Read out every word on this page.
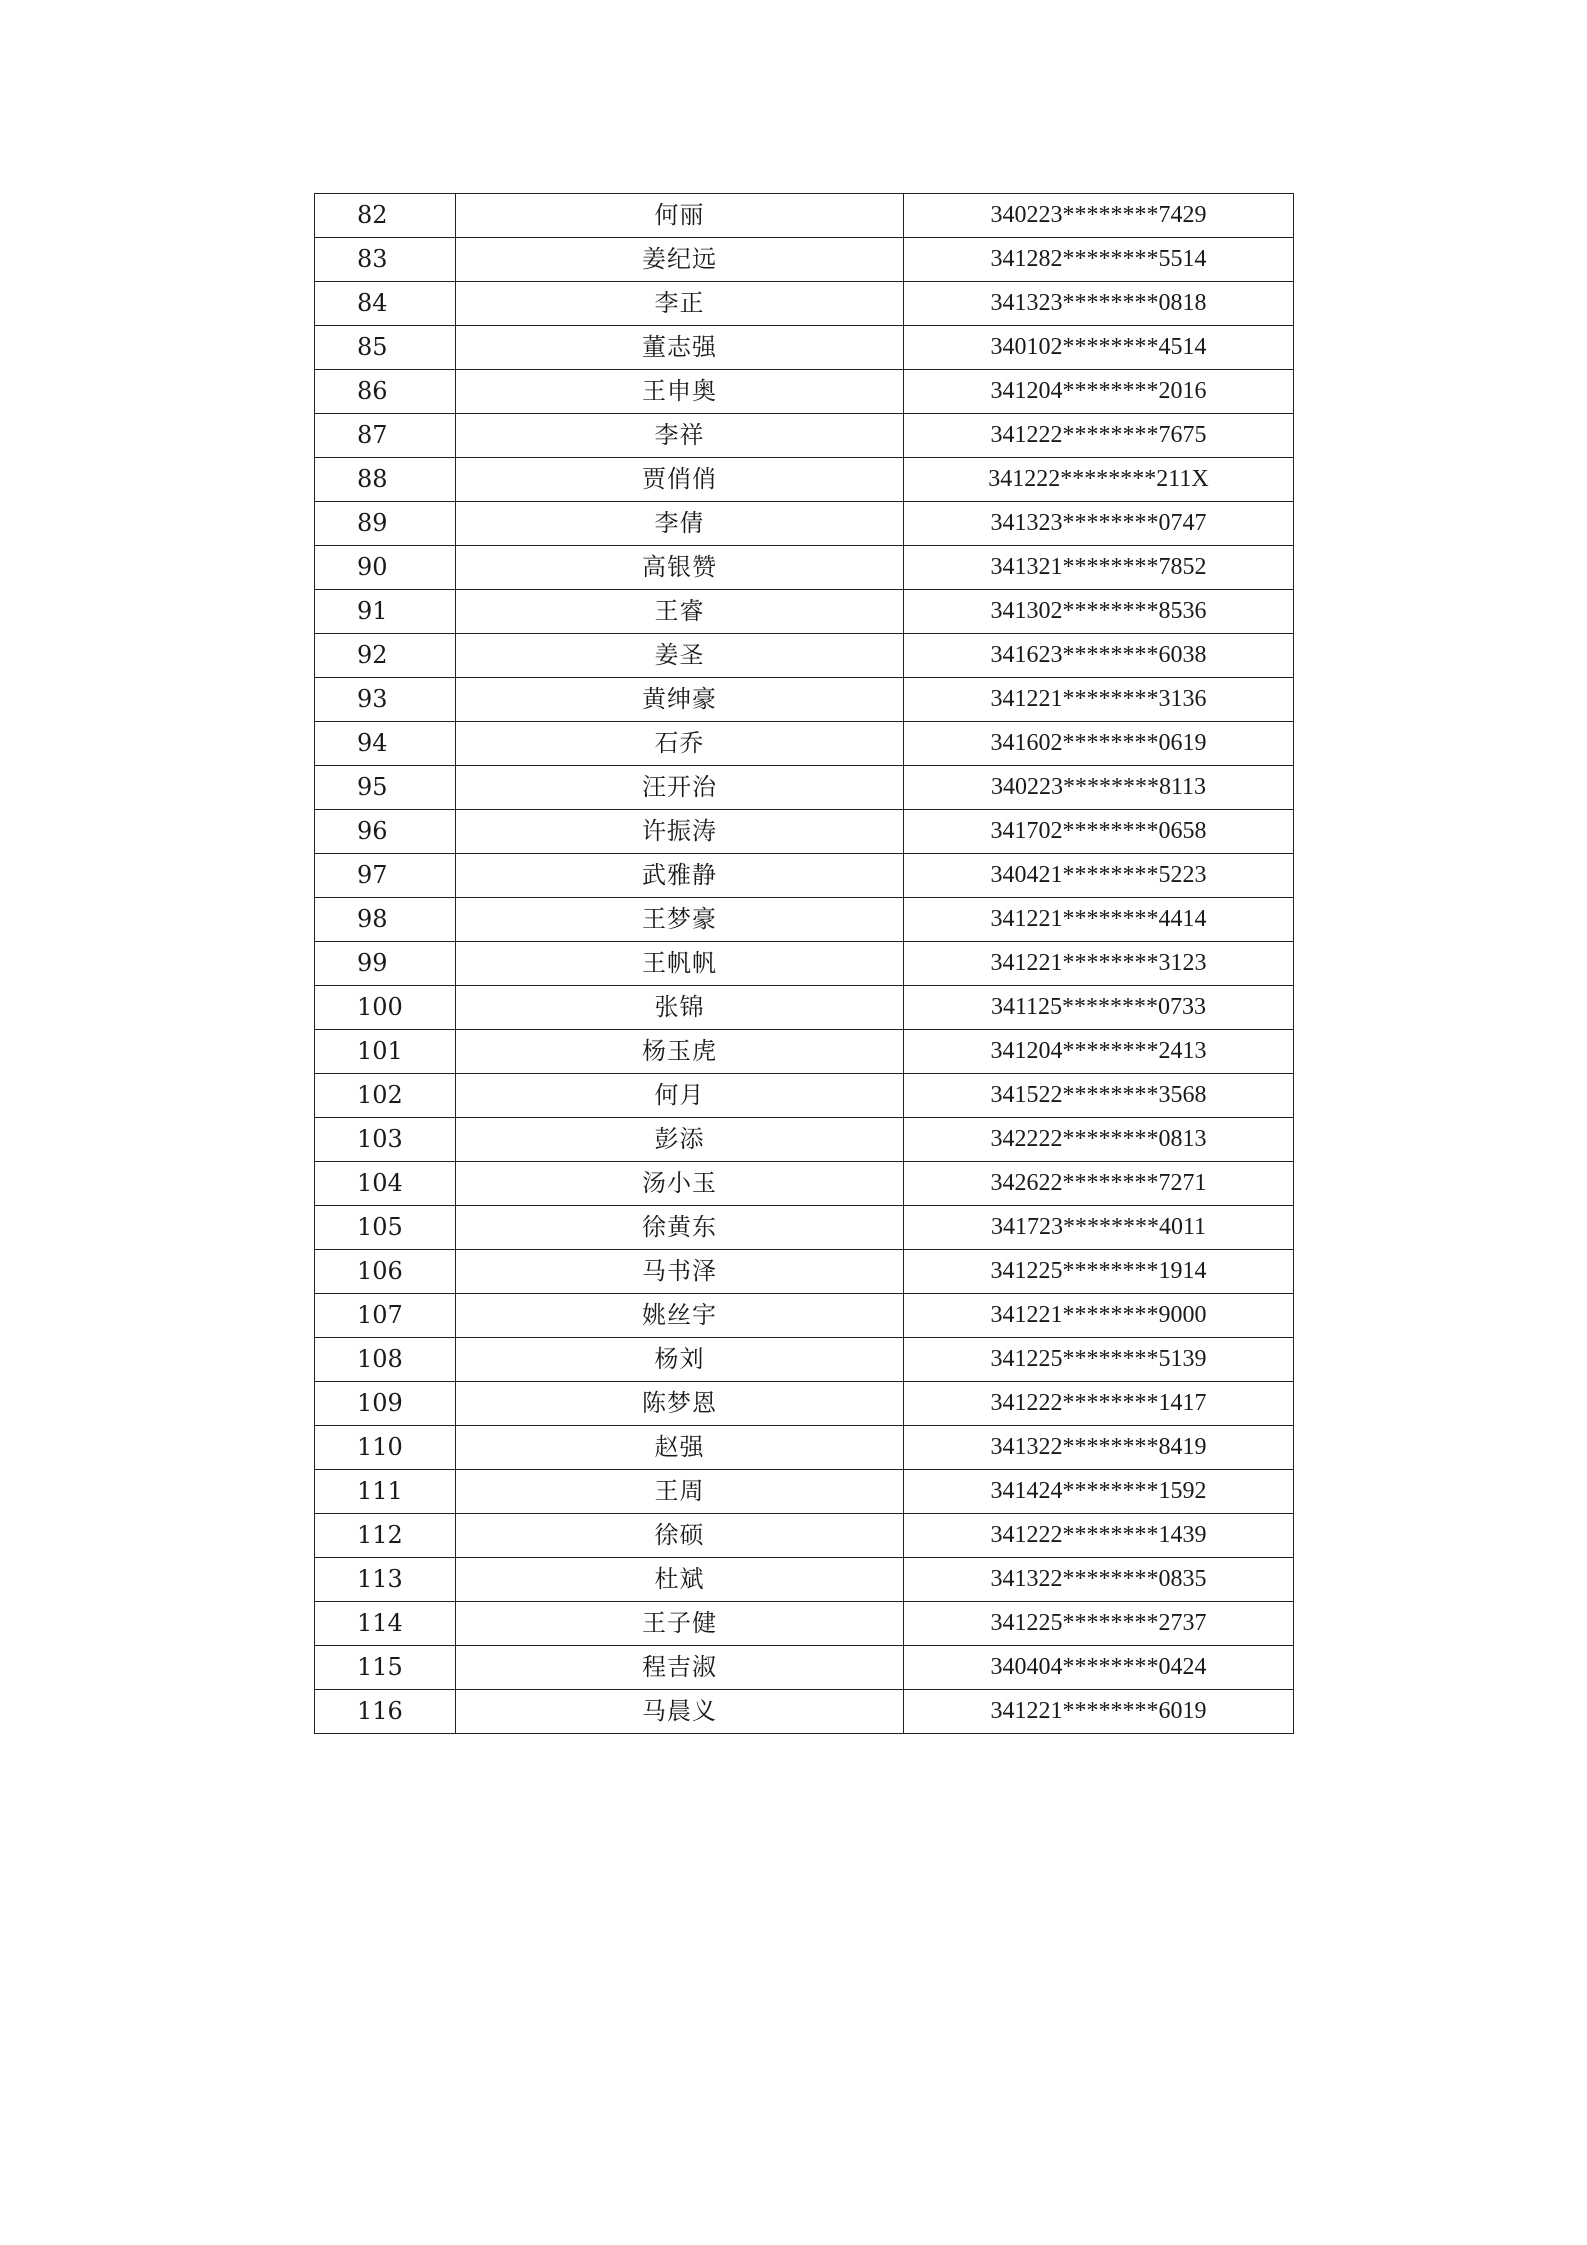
82	何丽	340223********7429
83	姜纪远	341282********5514
84	李正	341323********0818
85	董志强	340102********4514
86	王申奥	341204********2016
87	李祥	341222********7675
88	贾俏俏	341222********211X
89	李倩	341323********0747
90	高银赞	341321********7852
91	王睿	341302********8536
92	姜圣	341623********6038
93	黄绅豪	341221********3136
94	石乔	341602********0619
95	汪开治	340223********8113
96	许振涛	341702********0658
97	武雅静	340421********5223
98	王梦豪	341221********4414
99	王帆帆	341221********3123
100	张锦	341125********0733
101	杨玉虎	341204********2413
102	何月	341522********3568
103	彭添	342222********0813
104	汤小玉	342622********7271
105	徐黄东	341723********4011
106	马书泽	341225********1914
107	姚丝宇	341221********9000
108	杨刘	341225********5139
109	陈梦恩	341222********1417
110	赵强	341322********8419
111	王周	341424********1592
112	徐硕	341222********1439
113	杜斌	341322********0835
114	王子健	341225********2737
115	程吉淑	340404********0424
116	马晨义	341221********6019
